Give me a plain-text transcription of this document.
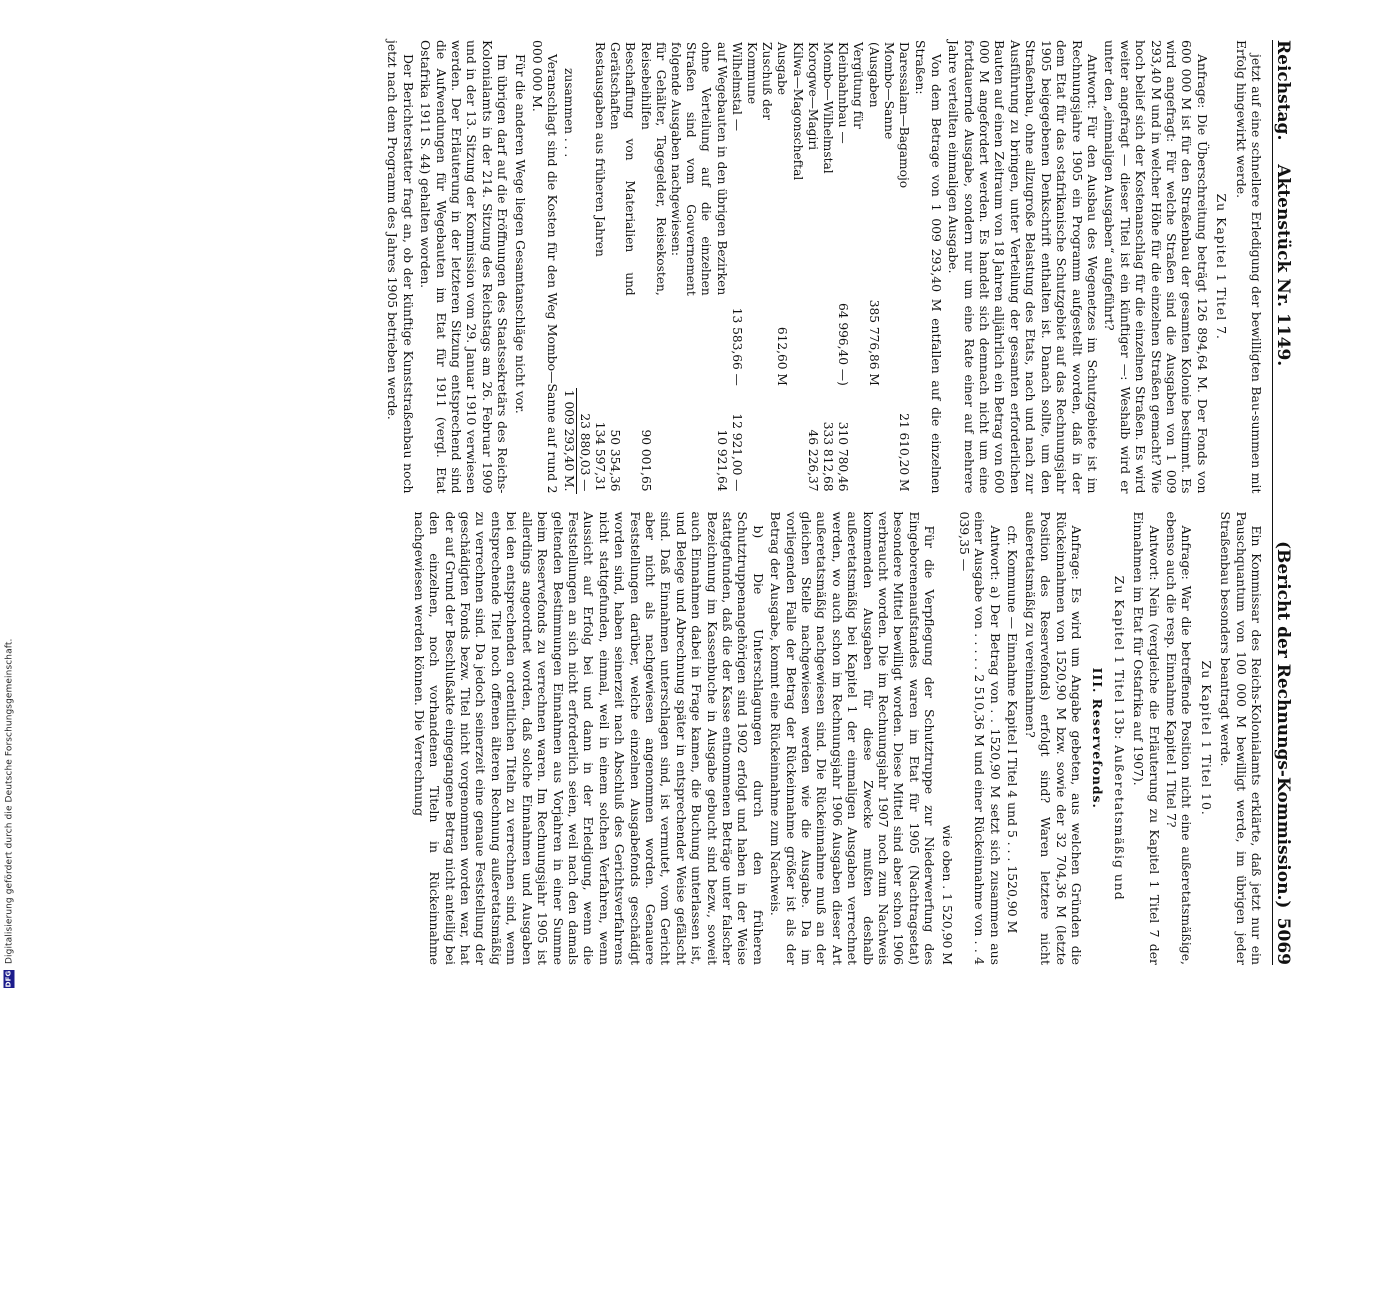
DFG
Digitalisierung gefördert durch die Deutsche Forschungsgemeinschaft.
Reichstag.
Aktenstück Nr. 1149.
(Bericht der Rechnungs-Kommission.)
5069

jetzt auf eine schnellere Erledigung der bewilligten Bau-summen mit Erfolg hingewirkt werde.

Zu Kapitel 1 Titel 7.

Anfrage: Die Überschreitung beträgt 126 894,64 M. Der Fonds von 600 000 M ist für den Straßenbau der gesamten Kolonie bestimmt. Es wird angefragt: Für welche Straßen sind die Ausgaben von 1 009 293,40 M und in welcher Höhe für die einzelnen Straßen gemacht? Wie hoch belief sich der Kostenanschlag für die einzelnen Straßen. Es wird weiter angefragt — dieser Titel ist ein künftiger —: Weshalb wird er unter den „einmaligen Ausgaben“ aufgeführt?

Antwort: Für den Ausbau des Wegenetzes im Schutzgebiete ist im Rechnungsjahre 1905 ein Programm aufgestellt worden, daß in der dem Etat für das ostafrikanische Schutzgebiet auf das Rechnungsjahr 1905 beigegebenen Denkschrift enthalten ist. Danach sollte, um den Straßenbau, ohne allzugroße Belastung des Etats, nach und nach zur Ausführung zu bringen, unter Verteilung der gesamten erforderlichen Bauten auf einen Zeitraum von 18 Jahren alljährlich ein Betrag von 600 000 M angefordert werden. Es handelt sich demnach nicht um eine fortdauernde Ausgabe, sondern nur um eine Rate einer auf mehrere Jahre verteilten einmaligen Ausgabe.

Von dem Betrage von 1 009 293,40 M entfallen auf die einzelnen Straßen:

Daressalam—Bagamojo		21 610,20 M
Mombo—Sanne		
(Ausgaben	385 776,86 M	
Vergütung für		
Kleinbahnbau —	64 996,40 —)	310 780,46
Mombo—Wilhelmstal		333 812,68
Korogwe—Magiri		46 226,37
Kilwa—Magonscheftal		
Ausgabe	612,60 M	
Zuschuß der		
Kommune		
Wilhelmstal —	13 583,66 —	12 921,00 —
auf Wegebauten in den übrigen Bezirken		10 921,64
ohne Verteilung auf die einzelnen Straßen sind vom Gouvernement folgende Ausgaben nachgewiesen:		
für Gehälter, Tagegelder, Reisekosten, Reisebeihilfen		90 001,65
Beschaffung von Materialien und Gerätschaften		50 354,36
Restausgaben aus früheren Jahren		134 597,31
		23 880,03 —
zusammen . . .		1 009 293,40 M.

Veranschlagt sind die Kosten für den Weg Mombo—Sanne auf rund 2 000 000 M.

Für die anderen Wege liegen Gesamtanschläge nicht vor.

Im übrigen darf auf die Eröffnungen des Staatssekretärs des Reichs-Kolonialamts in der 214. Sitzung des Reichstags am 26. Februar 1909 und in der 13. Sitzung der Kommission vom 29. Januar 1910 verwiesen werden. Der Erläuterung in der letzteren Sitzung entsprechend sind die Aufwendungen für Wegebauten im Etat für 1911 (vergl. Etat Ostafrika 1911 S. 44) gehalten worden.

Der Berichterstatter fragt an, ob der künftige Kunststraßenbau noch jetzt nach dem Programm des Jahres 1905 betrieben werde.

Ein Kommissar des Reichs-Kolonialamts erklärte, daß jetzt nur ein Pauschquantum von 100 000 M bewilligt werde, im übrigen jeder Straßenbau besonders beantragt werde.

Zu Kapitel 1 Titel 10.

Anfrage: War die betreffende Position nicht eine außeretatsmäßige, ebenso auch die resp. Einnahme Kapitel 1 Titel 7?

Antwort: Nein (vergleiche die Erläuterung zu Kapitel 1 Titel 7 der Einnahmen im Etat für Ostafrika auf 1907).

Zu Kapitel 1 Titel 13b: Außeretatsmäßig und

III. Reservefonds.

Anfrage: Es wird um Angabe gebeten, aus welchen Gründen die Rückeinnahmen von 1520,90 M bzw. sowie der 32 704,36 M (letzte Position des Reservefonds) erfolgt sind? Waren letztere nicht außeretatsmäßig zu vereinnahmen?

cfr. Kommune — Einnahme Kapitel I Titel 4 und 5 . . . 1520,90 M

Antwort: a) Der Betrag von . . 1520,90 M setzt sich zusammen aus einer Ausgabe von . . . . . 2 510,36 M und einer Rückeinnahme von . . 4 039,35 —

wie oben . 1 520,90 M

Für die Verpflegung der Schutztruppe zur Niederwerfung des Eingeborenenaufstandes waren im Etat für 1905 (Nachtragsetat) besondere Mittel bewilligt worden. Diese Mittel sind aber schon 1906 verbraucht worden. Die im Rechnungsjahr 1907 noch zum Nachweis kommenden Ausgaben für diese Zwecke mußten deshalb außeretatsmäßig bei Kapitel 1 der einmaligen Ausgaben verrechnet werden, wo auch schon im Rechnungsjahr 1906 Ausgaben dieser Art außeretatsmäßig nachgewiesen sind. Die Rückeinnahme muß an der gleichen Stelle nachgewiesen werden wie die Ausgabe. Da im vorliegenden Falle der Betrag der Rückeinnahme größer ist als der Betrag der Ausgabe, kommt eine Rückeinnahme zum Nachweis.

b) Die Unterschlagungen durch den früheren Schutztruppenangehörigen sind 1902 erfolgt und haben in der Weise stattgefunden, daß die der Kasse entnommenen Beträge unter falscher Bezeichnung im Kassenbuche in Ausgabe gebucht sind bezw., soweit auch Einnahmen dabei in Frage kamen, die Buchung unterlassen ist, und Belege und Abrechnung später in entsprechender Weise gefälscht sind. Daß Einnahmen unterschlagen sind, ist vermutet, vom Gericht aber nicht als nachgewiesen angenommen worden. Genauere Feststellungen darüber, welche einzelnen Ausgabefonds geschädigt worden sind, haben seinerzeit nach Abschluß des Gerichtsverfahrens nicht stattgefunden, einmal, weil in einem solchen Verfahren, wenn Aussicht auf Erfolg bei und dann in der Erledigung, wenn die Feststellungen an sich nicht erforderlich seien, weil nach den damals geltenden Bestimmungen Einnahmen aus Vorjahren in einer Summe beim Reservefonds zu verrechnen waren. Im Rechnungsjahr 1905 ist allerdings angeordnet worden, daß solche Einnahmen und Ausgaben bei den entsprechenden ordentlichen Titeln zu verrechnen sind, wenn entsprechende Titel noch offenen älteren Rechnung außeretatsmäßig zu verrechnen sind. Da jedoch seinerzeit eine genaue Feststellung der geschädigten Fonds bezw. Titel nicht vorgenommen worden war, hat der auf Grund der Beschlußakte eingegangene Betrag nicht anteilig bei den einzelnen, noch vorhandenen Titeln in Rückeinnahme nachgewiesen werden können. Die Verrechnung
